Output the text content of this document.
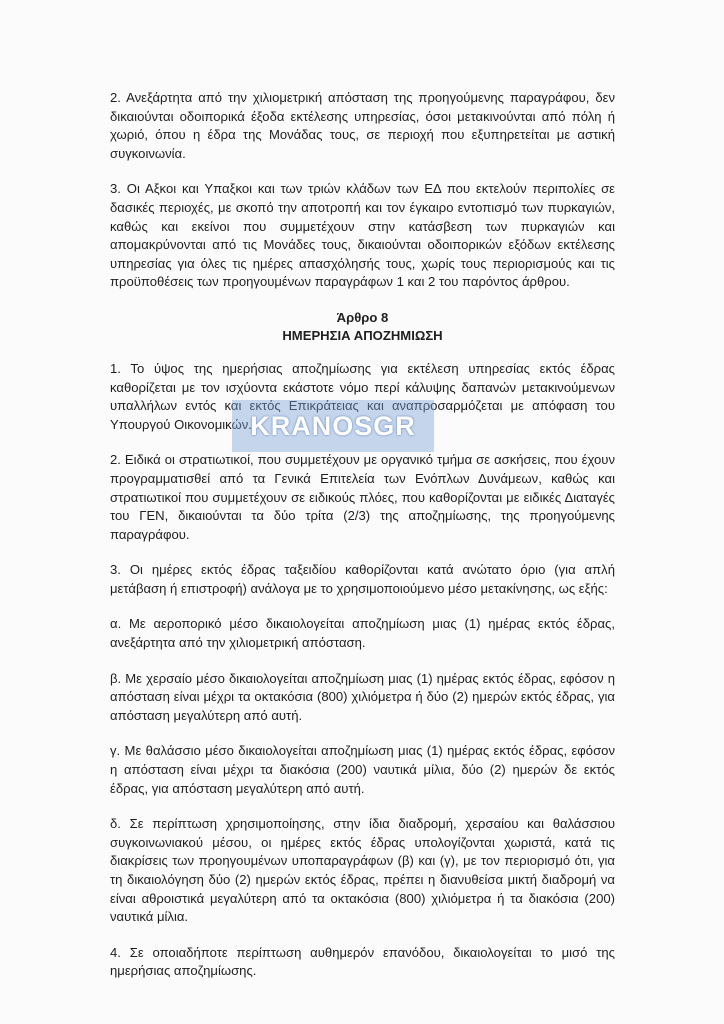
2. Ανεξάρτητα από την χιλιομετρική απόσταση της προηγούμενης παραγράφου, δεν δικαιούνται οδοιπορικά έξοδα εκτέλεσης υπηρεσίας, όσοι μετακινούνται από πόλη ή χωριό, όπου η έδρα της Μονάδας τους, σε περιοχή που εξυπηρετείται με αστική συγκοινωνία.

3. Οι Αξκοι και Υπαξκοι και των τριών κλάδων των ΕΔ που εκτελούν περιπολίες σε δασικές περιοχές, με σκοπό την αποτροπή και τον έγκαιρο εντοπισμό των πυρκαγιών, καθώς και εκείνοι που συμμετέχουν στην κατάσβεση των πυρκαγιών και απομακρύνονται από τις Μονάδες τους, δικαιούνται οδοιπορικών εξόδων εκτέλεσης υπηρεσίας για όλες τις ημέρες απασχόλησής τους, χωρίς τους περιορισμούς και τις προϋποθέσεις των προηγουμένων παραγράφων 1 και 2 του παρόντος άρθρου.

Άρθρο 8
ΗΜΕΡΗΣΙΑ ΑΠΟΖΗΜΙΩΣΗ

1. Το ύψος της ημερήσιας αποζημίωσης για εκτέλεση υπηρεσίας εκτός έδρας καθορίζεται με τον ισχύοντα εκάστοτε νόμο περί κάλυψης δαπανών μετακινούμενων υπαλλήλων εντός και εκτός Επικράτειας και αναπροσαρμόζεται με απόφαση του Υπουργού Οικονομικών.

2. Ειδικά οι στρατιωτικοί, που συμμετέχουν με οργανικό τμήμα σε ασκήσεις, που έχουν προγραμματισθεί από τα Γενικά Επιτελεία των Ενόπλων Δυνάμεων, καθώς και στρατιωτικοί που συμμετέχουν σε ειδικούς πλόες, που καθορίζονται με ειδικές Διαταγές του ΓΕΝ, δικαιούνται τα δύο τρίτα (2/3) της αποζημίωσης, της προηγούμενης παραγράφου.

3. Οι ημέρες εκτός έδρας ταξειδίου καθορίζονται κατά ανώτατο όριο (για απλή μετάβαση ή επιστροφή) ανάλογα με το χρησιμοποιούμενο μέσο μετακίνησης, ως εξής:

α. Με αεροπορικό μέσο δικαιολογείται αποζημίωση μιας (1) ημέρας εκτός έδρας, ανεξάρτητα από την χιλιομετρική απόσταση.

β. Με χερσαίο μέσο δικαιολογείται αποζημίωση μιας (1) ημέρας εκτός έδρας, εφόσον η απόσταση είναι μέχρι τα οκτακόσια (800) χιλιόμετρα ή δύο (2) ημερών εκτός έδρας, για απόσταση μεγαλύτερη από αυτή.

γ. Με θαλάσσιο μέσο δικαιολογείται αποζημίωση μιας (1) ημέρας εκτός έδρας, εφόσον η απόσταση είναι μέχρι τα διακόσια (200) ναυτικά μίλια, δύο (2) ημερών δε εκτός έδρας, για απόσταση μεγαλύτερη από αυτή.

δ. Σε περίπτωση χρησιμοποίησης, στην ίδια διαδρομή, χερσαίου και θαλάσσιου συγκοινωνιακού μέσου, οι ημέρες εκτός έδρας υπολογίζονται χωριστά, κατά τις διακρίσεις των προηγουμένων υποπαραγράφων (β) και (γ), με τον περιορισμό ότι, για τη δικαιολόγηση δύο (2) ημερών εκτός έδρας, πρέπει η διανυθείσα μικτή διαδρομή να είναι αθροιστικά μεγαλύτερη από τα οκτακόσια (800) χιλιόμετρα ή τα διακόσια (200) ναυτικά μίλια.

4. Σε οποιαδήποτε περίπτωση αυθημερόν επανόδου, δικαιολογείται το μισό της ημερήσιας αποζημίωσης.

KRANOSGR
